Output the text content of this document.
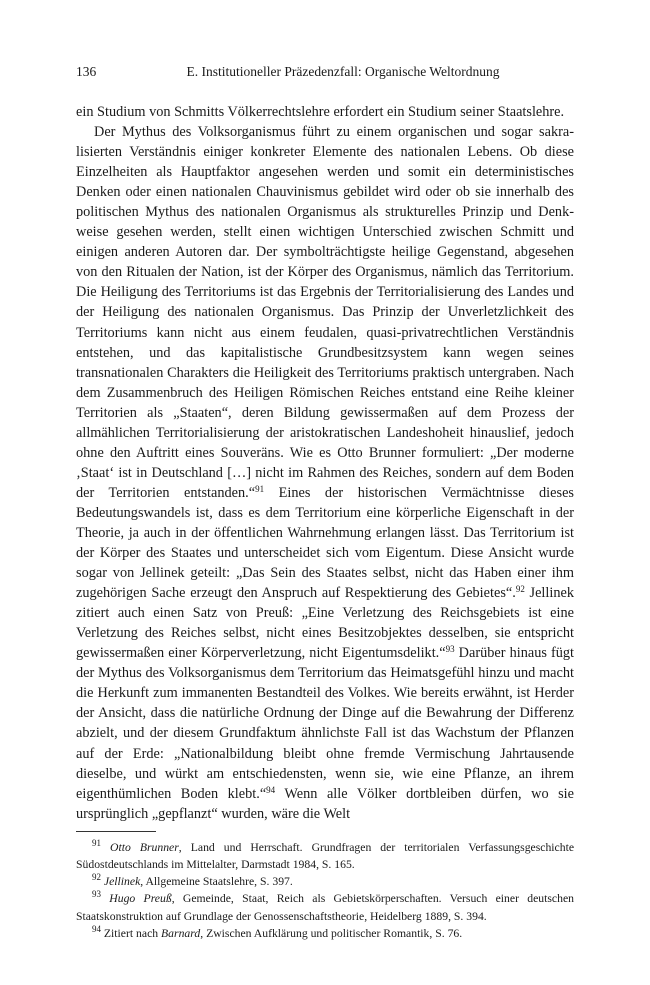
136	E. Institutioneller Präzedenzfall: Organische Weltordnung

ein Studium von Schmitts Völkerrechtslehre erfordert ein Studium seiner Staatslehre.

Der Mythus des Volksorganismus führt zu einem organischen und sogar sakralisierten Verständnis einiger konkreter Elemente des nationalen Lebens. Ob diese Einzelheiten als Hauptfaktor angesehen werden und somit ein deterministisches Denken oder einen nationalen Chauvinismus gebildet wird oder ob sie innerhalb des politischen Mythus des nationalen Organismus als strukturelles Prinzip und Denkweise gesehen werden, stellt einen wichtigen Unterschied zwischen Schmitt und einigen anderen Autoren dar. Der symbolträchtigste heilige Gegenstand, abgesehen von den Ritualen der Nation, ist der Körper des Organismus, nämlich das Territorium. Die Heiligung des Territoriums ist das Ergebnis der Territorialisierung des Landes und der Heiligung des nationalen Organismus. Das Prinzip der Unverletzlichkeit des Territoriums kann nicht aus einem feudalen, quasi-privatrechtlichen Verständnis entstehen, und das kapitalistische Grundbesitzsystem kann wegen seines transnationalen Charakters die Heiligkeit des Territoriums praktisch untergraben. Nach dem Zusammenbruch des Heiligen Römischen Reiches entstand eine Reihe kleiner Territorien als „Staaten“, deren Bildung gewissermaßen auf dem Prozess der allmählichen Territorialisierung der aristokratischen Landeshoheit hinauslief, jedoch ohne den Auftritt eines Souveräns. Wie es Otto Brunner formuliert: „Der moderne ‚Staat‘ ist in Deutschland […] nicht im Rahmen des Reiches, sondern auf dem Boden der Territorien entstanden.“$^{91}$ Eines der historischen Vermächtnisse dieses Bedeutungswandels ist, dass es dem Territorium eine körperliche Eigenschaft in der Theorie, ja auch in der öffentlichen Wahrnehmung erlangen lässt. Das Territorium ist der Körper des Staates und unterscheidet sich vom Eigentum. Diese Ansicht wurde sogar von Jellinek geteilt: „Das Sein des Staates selbst, nicht das Haben einer ihm zugehörigen Sache erzeugt den Anspruch auf Respektierung des Gebietes“.$^{92}$ Jellinek zitiert auch einen Satz von Preuß: „Eine Verletzung des Reichsgebiets ist eine Verletzung des Reiches selbst, nicht eines Besitzobjektes desselben, sie entspricht gewissermaßen einer Körperverletzung, nicht Eigentumsdelikt.“$^{93}$ Darüber hinaus fügt der Mythus des Volksorganismus dem Territorium das Heimatsgefühl hinzu und macht die Herkunft zum immanenten Bestandteil des Volkes. Wie bereits erwähnt, ist Herder der Ansicht, dass die natürliche Ordnung der Dinge auf die Bewahrung der Differenz abzielt, und der diesem Grundfaktum ähnlichste Fall ist das Wachstum der Pflanzen auf der Erde: „Nationalbildung bleibt ohne fremde Vermischung Jahrtausende dieselbe, und würkt am entschiedensten, wenn sie, wie eine Pflanze, an ihrem eigenthümlichen Boden klebt.“$^{94}$ Wenn alle Völker dortbleiben dürfen, wo sie ursprünglich „gepflanzt“ wurden, wäre die Welt

$^{91}$ Otto Brunner, Land und Herrschaft. Grundfragen der territorialen Verfassungsgeschichte Südostdeutschlands im Mittelalter, Darmstadt 1984, S. 165.

$^{92}$ Jellinek, Allgemeine Staatslehre, S. 397.

$^{93}$ Hugo Preuß, Gemeinde, Staat, Reich als Gebietskörperschaften. Versuch einer deutschen Staatskonstruktion auf Grundlage der Genossenschaftstheorie, Heidelberg 1889, S. 394.

$^{94}$ Zitiert nach Barnard, Zwischen Aufklärung und politischer Romantik, S. 76.
